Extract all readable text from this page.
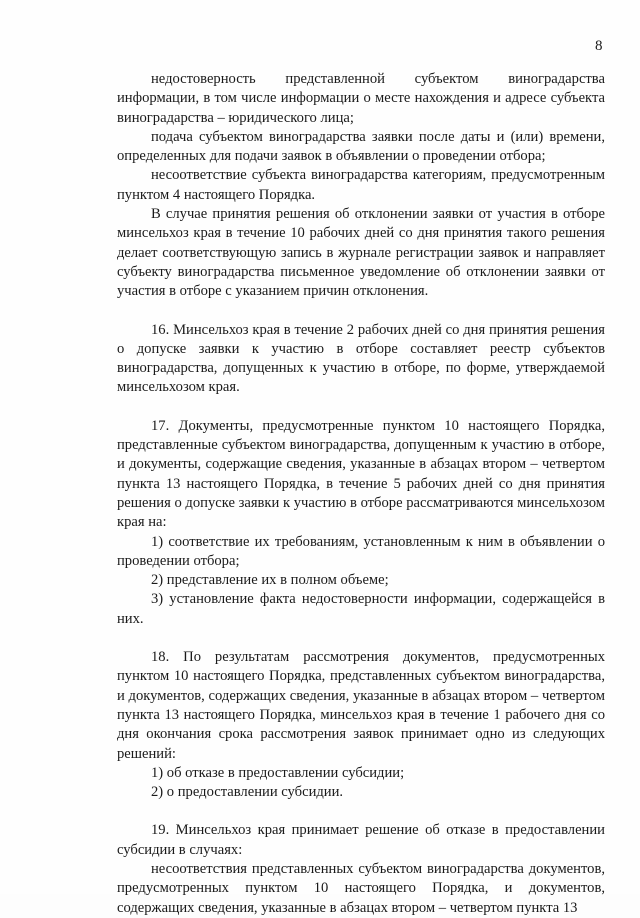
8

недостоверность представленной субъектом виноградарства информации, в том числе информации о месте нахождения и адресе субъекта виноградарства – юридического лица;

подача субъектом виноградарства заявки после даты и (или) времени, определенных для подачи заявок в объявлении о проведении отбора;

несоответствие субъекта виноградарства категориям, предусмотренным пунктом 4 настоящего Порядка.

В случае принятия решения об отклонении заявки от участия в отборе минсельхоз края в течение 10 рабочих дней со дня принятия такого решения делает соответствующую запись в журнале регистрации заявок и направляет субъекту виноградарства письменное уведомление об отклонении заявки от участия в отборе с указанием причин отклонения.

16. Минсельхоз края в течение 2 рабочих дней со дня принятия решения о допуске заявки к участию в отборе составляет реестр субъектов виноградарства, допущенных к участию в отборе, по форме, утверждаемой минсельхозом края.

17. Документы, предусмотренные пунктом 10 настоящего Порядка, представленные субъектом виноградарства, допущенным к участию в отборе, и документы, содержащие сведения, указанные в абзацах втором – четвертом пункта 13 настоящего Порядка, в течение 5 рабочих дней со дня принятия решения о допуске заявки к участию в отборе рассматриваются минсельхозом края на:

1) соответствие их требованиям, установленным к ним в объявлении о проведении отбора;

2) представление их в полном объеме;

3) установление факта недостоверности информации, содержащейся в них.

18. По результатам рассмотрения документов, предусмотренных пунктом 10 настоящего Порядка, представленных субъектом виноградарства, и документов, содержащих сведения, указанные в абзацах втором – четвертом пункта 13 настоящего Порядка, минсельхоз края в течение 1 рабочего дня со дня окончания срока рассмотрения заявок принимает одно из следующих решений:

1) об отказе в предоставлении субсидии;

2) о предоставлении субсидии.

19. Минсельхоз края принимает решение об отказе в предоставлении субсидии в случаях:

несоответствия представленных субъектом виноградарства документов, предусмотренных пунктом 10 настоящего Порядка, и документов, содержащих сведения, указанные в абзацах втором – четвертом пункта 13
